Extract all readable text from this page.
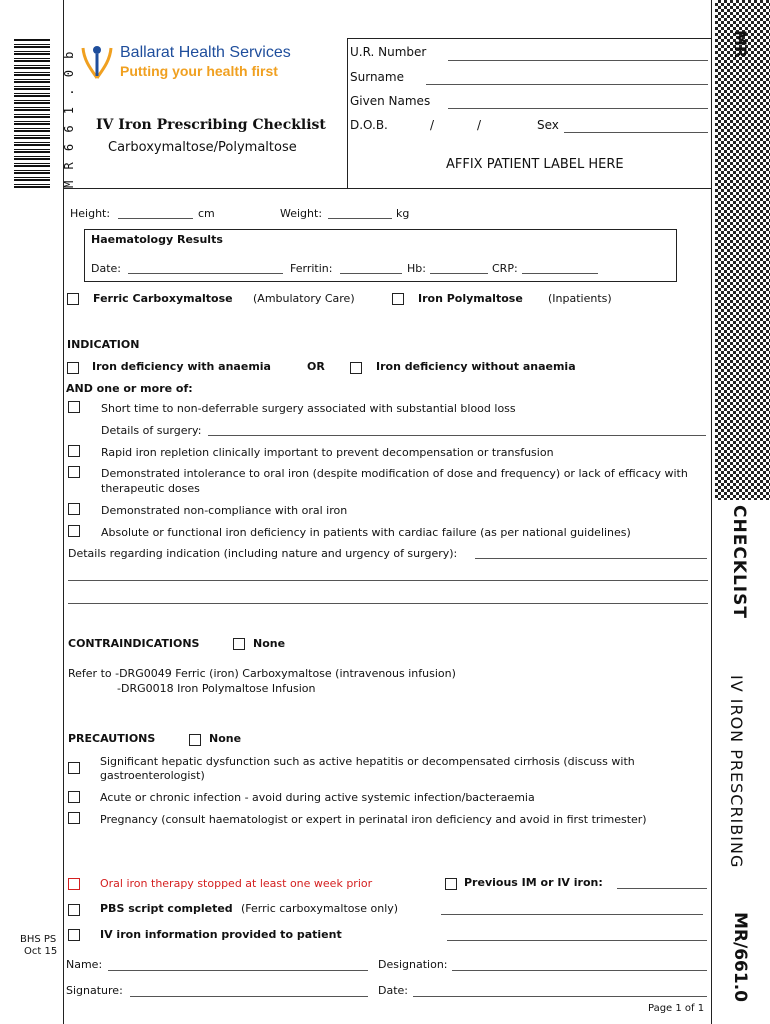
M R 6 6 1 . 0 b
BHS PS
Oct 15
MR
CHECKLIST
IV IRON PRESCRIBING
MR/661.0
Ballarat Health Services
Putting your health first
IV Iron Prescribing Checklist
Carboxymaltose/Polymaltose
U.R. Number
Surname
Given Names
D.O.B.	/	/	Sex
AFFIX PATIENT LABEL HERE
Height:	cm	Weight:	kg
Haematology Results
Date:	Ferritin:	Hb:	CRP:
Ferric Carboxymaltose (Ambulatory Care)	Iron Polymaltose (Inpatients)
INDICATION
Iron deficiency with anaemia	OR	Iron deficiency without anaemia
AND one or more of:
Short time to non-deferrable surgery associated with substantial blood loss
Details of surgery:
Rapid iron repletion clinically important to prevent decompensation or transfusion
Demonstrated intolerance to oral iron (despite modification of dose and frequency) or lack of efficacy with
therapeutic doses
Demonstrated non-compliance with oral iron
Absolute or functional iron deficiency in patients with cardiac failure (as per national guidelines)
Details regarding indication (including nature and urgency of surgery):
CONTRAINDICATIONS	None
Refer to -DRG0049 Ferric (iron) Carboxymaltose (intravenous infusion)
-DRG0018 Iron Polymaltose Infusion
PRECAUTIONS	None
Significant hepatic dysfunction such as active hepatitis or decompensated cirrhosis (discuss with
gastroenterologist)
Acute or chronic infection - avoid during active systemic infection/bacteraemia
Pregnancy (consult haematologist or expert in perinatal iron deficiency and avoid in first trimester)
Oral iron therapy stopped at least one week prior	Previous IM or IV iron:
PBS script completed (Ferric carboxymaltose only)
IV iron information provided to patient
Name:	Designation:
Signature:	Date:
Page 1 of 1
